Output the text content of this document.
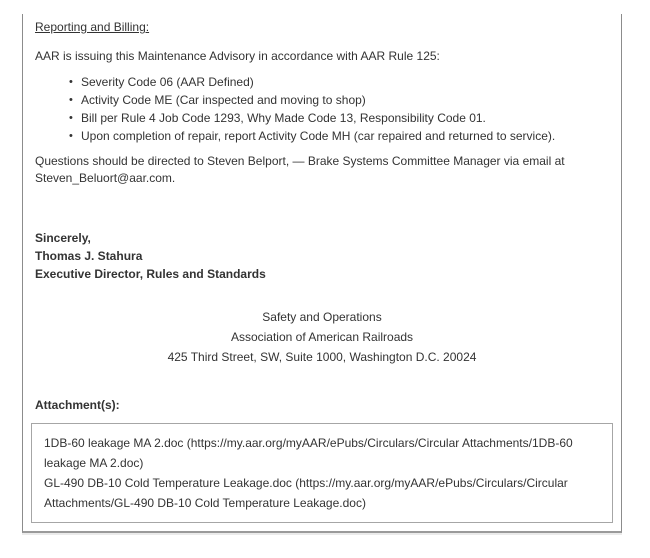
Reporting and Billing:

AAR is issuing this Maintenance Advisory in accordance with AAR Rule 125:

• Severity Code 06 (AAR Defined)
• Activity Code ME (Car inspected and moving to shop)
• Bill per Rule 4 Job Code 1293, Why Made Code 13, Responsibility Code 01.
• Upon completion of repair, report Activity Code MH (car repaired and returned to service).

Questions should be directed to Steven Belport, — Brake Systems Committee Manager via email at Steven_Beluort@aar.com.

Sincerely,

Thomas J. Stahura

Executive Director, Rules and Standards

Safety and Operations

Association of American Railroads

425 Third Street, SW, Suite 1000, Washington D.C. 20024

Attachment(s):

1DB-60 leakage MA 2.doc (https://my.aar.org/myAAR/ePubs/Circulars/Circular Attachments/1DB-60 leakage MA 2.doc)

GL-490 DB-10 Cold Temperature Leakage.doc (https://my.aar.org/myAAR/ePubs/Circulars/Circular Attachments/GL-490 DB-10 Cold Temperature Leakage.doc)
